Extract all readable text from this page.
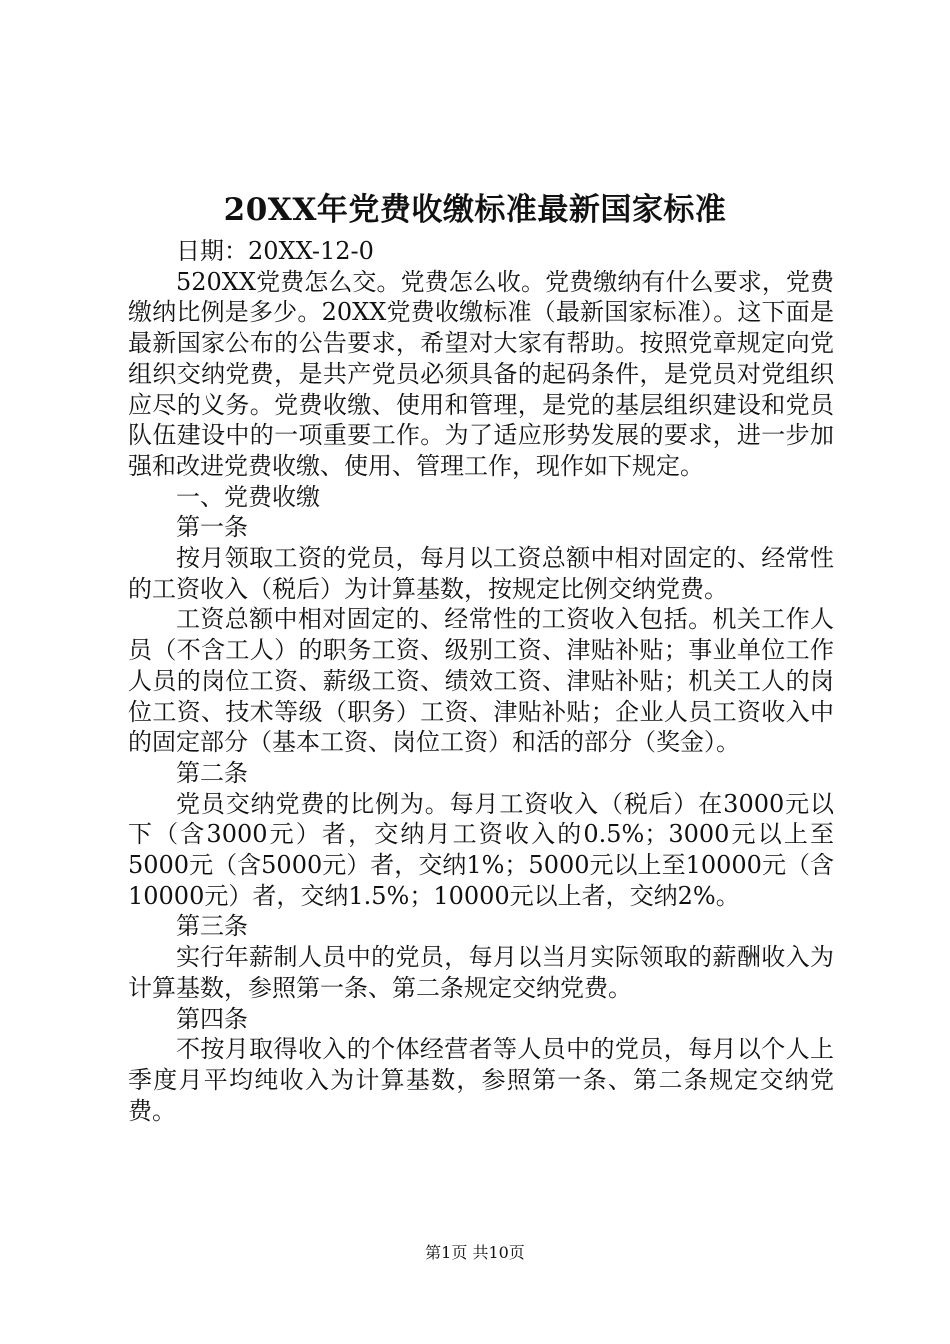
20XX年党费收缴标准最新国家标准

日期：20XX-12-0

520XX党费怎么交。党费怎么收。党费缴纳有什么要求，党费缴纳比例是多少。20XX党费收缴标准（最新国家标准）。这下面是最新国家公布的公告要求，希望对大家有帮助。按照党章规定向党组织交纳党费，是共产党员必须具备的起码条件，是党员对党组织应尽的义务。党费收缴、使用和管理，是党的基层组织建设和党员队伍建设中的一项重要工作。为了适应形势发展的要求，进一步加强和改进党费收缴、使用、管理工作，现作如下规定。

一、党费收缴

第一条

按月领取工资的党员，每月以工资总额中相对固定的、经常性的工资收入（税后）为计算基数，按规定比例交纳党费。

工资总额中相对固定的、经常性的工资收入包括。机关工作人员（不含工人）的职务工资、级别工资、津贴补贴；事业单位工作人员的岗位工资、薪级工资、绩效工资、津贴补贴；机关工人的岗位工资、技术等级（职务）工资、津贴补贴；企业人员工资收入中的固定部分（基本工资、岗位工资）和活的部分（奖金）。

第二条

党员交纳党费的比例为。每月工资收入（税后）在3000元以下（含3000元）者，交纳月工资收入的0.5%；3000元以上至5000元（含5000元）者，交纳1%；5000元以上至10000元（含10000元）者，交纳1.5%；10000元以上者，交纳2%。

第三条

实行年薪制人员中的党员，每月以当月实际领取的薪酬收入为计算基数，参照第一条、第二条规定交纳党费。

第四条

不按月取得收入的个体经营者等人员中的党员，每月以个人上季度月平均纯收入为计算基数，参照第一条、第二条规定交纳党费。

第1页 共10页
